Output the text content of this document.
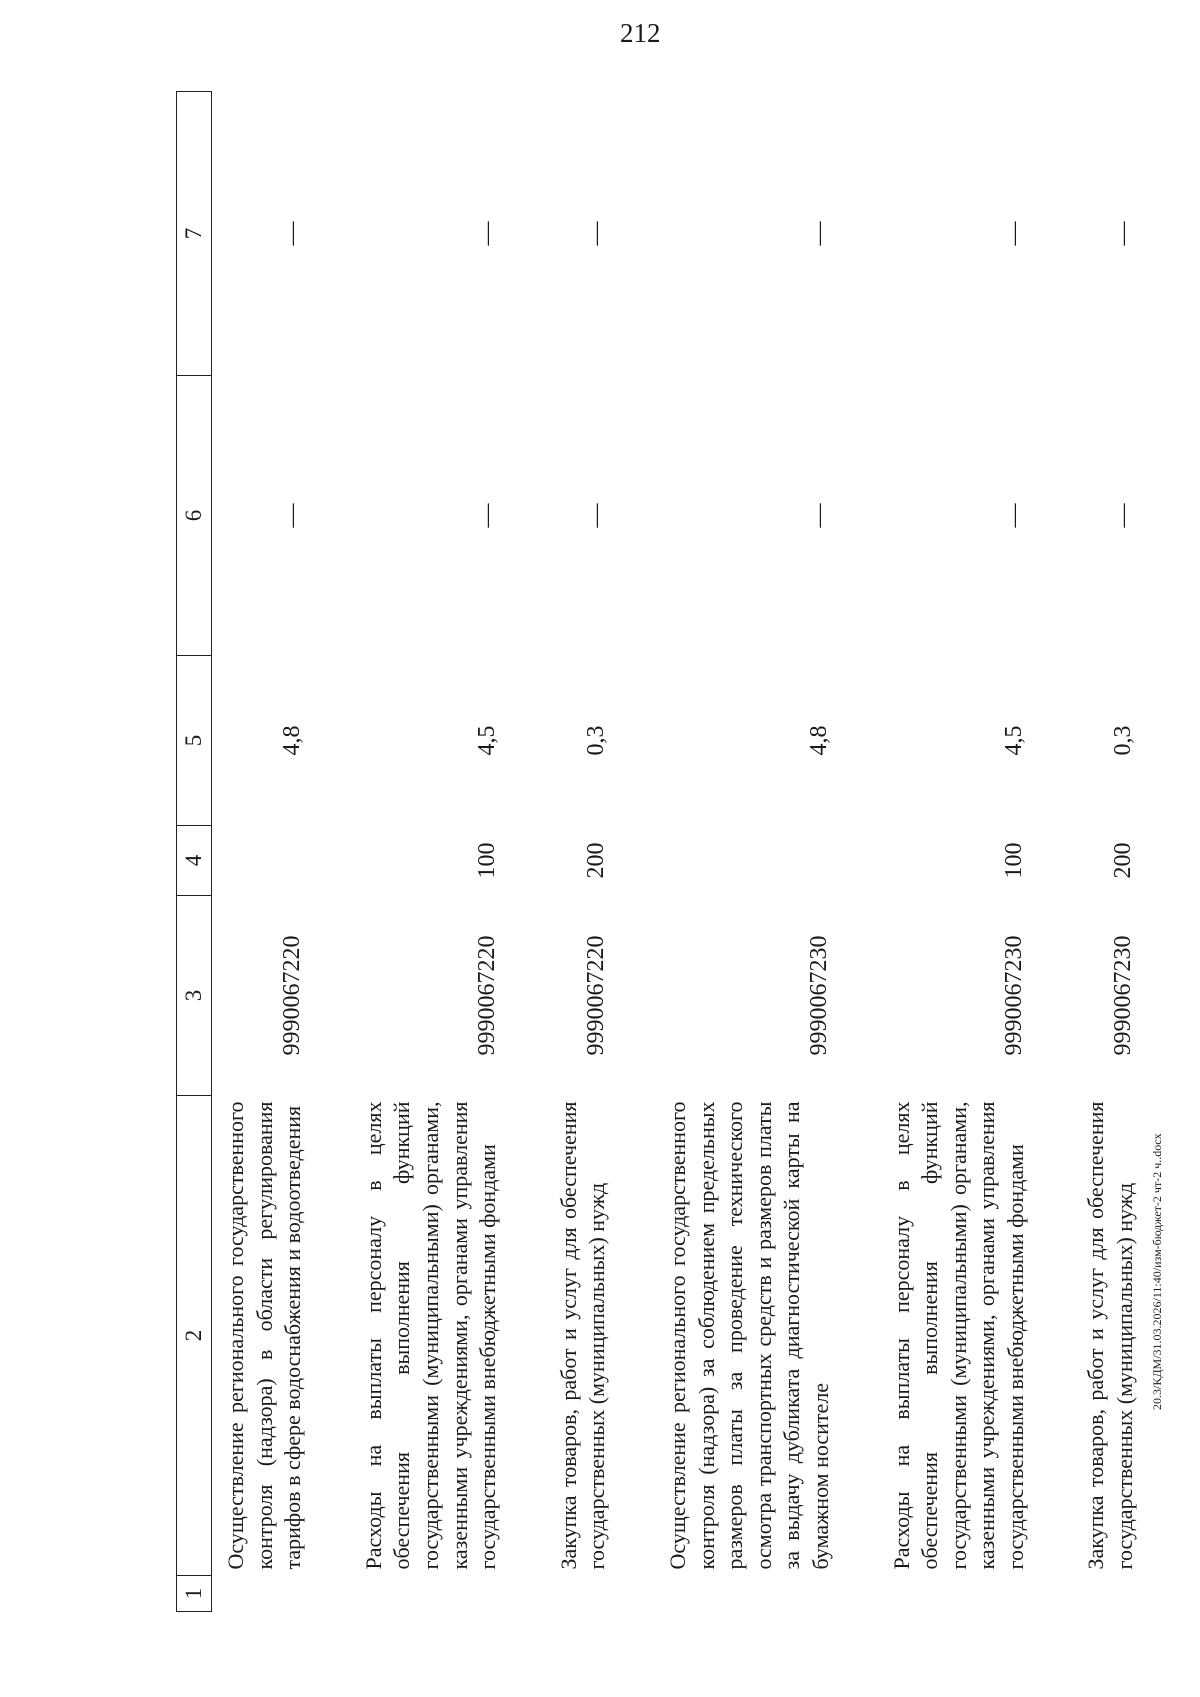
212
1	2	3	4	5	6	7
	Осуществление регионального государственного контроля (надзора) в области регулирования тарифов в сфере водоснабжения и водоотведения	9990067220		4,8	—	—

	Расходы на выплаты персоналу в целях обеспечения выполнения функций государственными (муниципальными) органами, казенными учреждениями, органами управления государственными внебюджетными фондами	9990067220	100	4,5	—	—

	Закупка товаров, работ и услуг для обеспечения государственных (муниципальных) нужд	9990067220	200	0,3	—	—

	Осуществление регионального государственного контроля (надзора) за соблюдением предельных размеров платы за проведение технического осмотра транспортных средств и размеров платы за выдачу дубликата диагностической карты на бумажном носителе	9990067230		4,8	—	—

	Расходы на выплаты персоналу в целях обеспечения выполнения функций государственными (муниципальными) органами, казенными учреждениями, органами управления государственными внебюджетными фондами	9990067230	100	4,5	—	—

	Закупка товаров, работ и услуг для обеспечения государственных (муниципальных) нужд	9990067230	200	0,3	—	—
20.3/КДМ/31.03.2026/11:40/изм-бюджет-2 чт-2 ч..docx
